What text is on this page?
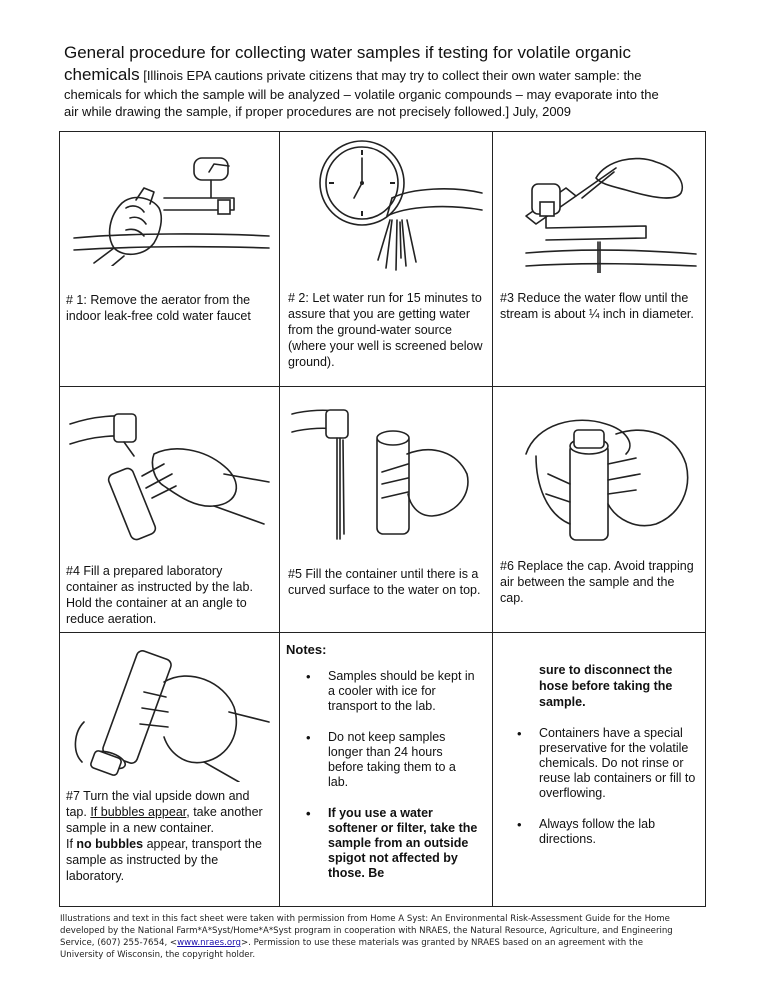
General procedure for collecting water samples if testing for volatile organic
chemicals [Illinois EPA cautions private citizens that may try to collect their own water sample: the
chemicals for which the sample will be analyzed – volatile organic compounds – may evaporate into the
air while drawing the sample, if proper procedures are not precisely followed.] July, 2009
# 1: Remove the aerator from the indoor leak-free cold water faucet
# 2: Let water run for 15 minutes to assure that you are getting water from the ground-water source (where your well is screened below ground).
#3 Reduce the water flow until the stream is about ¼ inch in diameter.
#4 Fill a prepared laboratory container as instructed by the lab. Hold the container at an angle to reduce aeration.
#5 Fill the container until there is a curved surface to the water on top.
#6 Replace the cap. Avoid trapping air between the sample and the cap.
#7 Turn the vial upside down and tap. If bubbles appear, take another sample in a new container.
If no bubbles appear, transport the sample as instructed by the laboratory.
Notes:
• Samples should be kept in a cooler with ice for transport to the lab.
• Do not keep samples longer than 24 hours before taking them to a lab.
• If you use a water softener or filter, take the sample from an outside spigot not affected by those. Be
sure to disconnect the hose before taking the sample.
• Containers have a special preservative for the volatile chemicals. Do not rinse or reuse lab containers or fill to overflowing.
• Always follow the lab directions.
Illustrations and text in this fact sheet were taken with permission from Home A Syst: An Environmental Risk-Assessment Guide for the Home
developed by the National Farm*A*Syst/Home*A*Syst program in cooperation with NRAES, the Natural Resource, Agriculture, and Engineering
Service, (607) 255-7654, <www.nraes.org>. Permission to use these materials was granted by NRAES based on an agreement with the
University of Wisconsin, the copyright holder.
